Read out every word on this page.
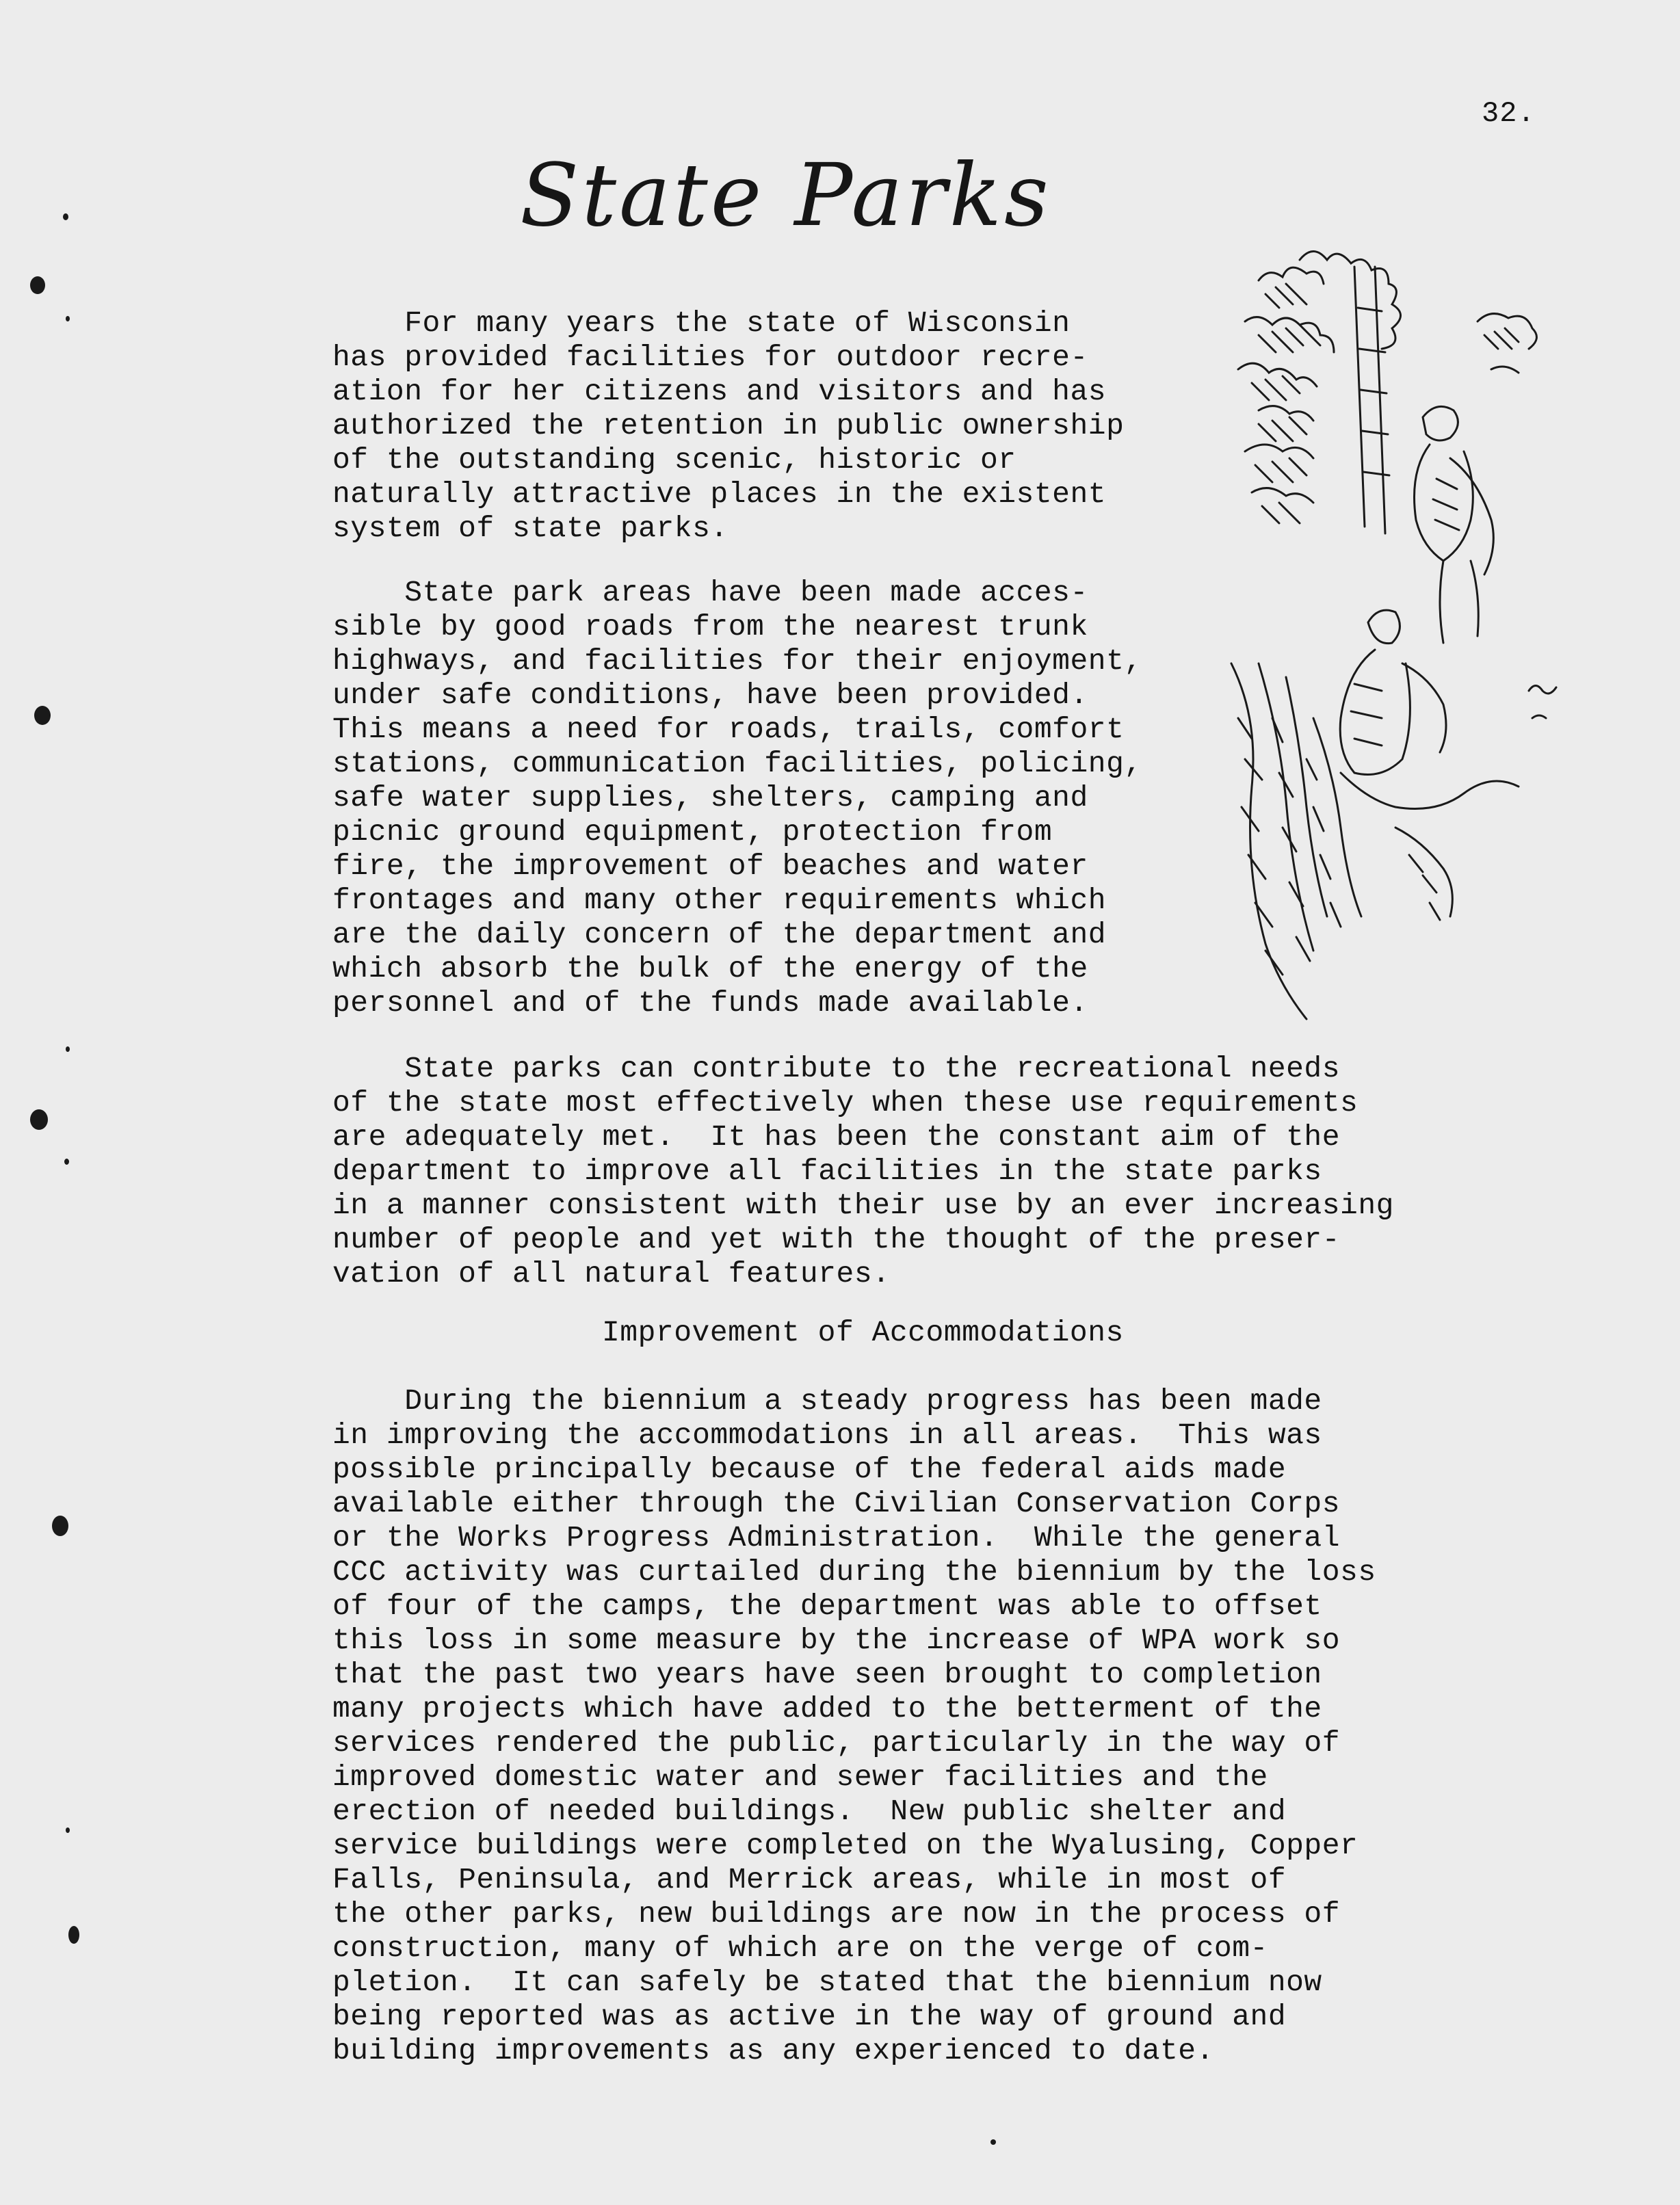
32.
State Parks
For many years the state of Wisconsin
has provided facilities for outdoor recre-
ation for her citizens and visitors and has
authorized the retention in public ownership
of the outstanding scenic, historic or
naturally attractive places in the existent
system of state parks.
State park areas have been made acces-
sible by good roads from the nearest trunk
highways, and facilities for their enjoyment,
under safe conditions, have been provided.
This means a need for roads, trails, comfort
stations, communication facilities, policing,
safe water supplies, shelters, camping and
picnic ground equipment, protection from
fire, the improvement of beaches and water
frontages and many other requirements which
are the daily concern of the department and
which absorb the bulk of the energy of the
personnel and of the funds made available.
State parks can contribute to the recreational needs
of the state most effectively when these use requirements
are adequately met.  It has been the constant aim of the
department to improve all facilities in the state parks
in a manner consistent with their use by an ever increasing
number of people and yet with the thought of the preser-
vation of all natural features.
Improvement of Accommodations
During the biennium a steady progress has been made
in improving the accommodations in all areas.  This was
possible principally because of the federal aids made
available either through the Civilian Conservation Corps
or the Works Progress Administration.  While the general
CCC activity was curtailed during the biennium by the loss
of four of the camps, the department was able to offset
this loss in some measure by the increase of WPA work so
that the past two years have seen brought to completion
many projects which have added to the betterment of the
services rendered the public, particularly in the way of
improved domestic water and sewer facilities and the
erection of needed buildings.  New public shelter and
service buildings were completed on the Wyalusing, Copper
Falls, Peninsula, and Merrick areas, while in most of
the other parks, new buildings are now in the process of
construction, many of which are on the verge of com-
pletion.  It can safely be stated that the biennium now
being reported was as active in the way of ground and
building improvements as any experienced to date.
